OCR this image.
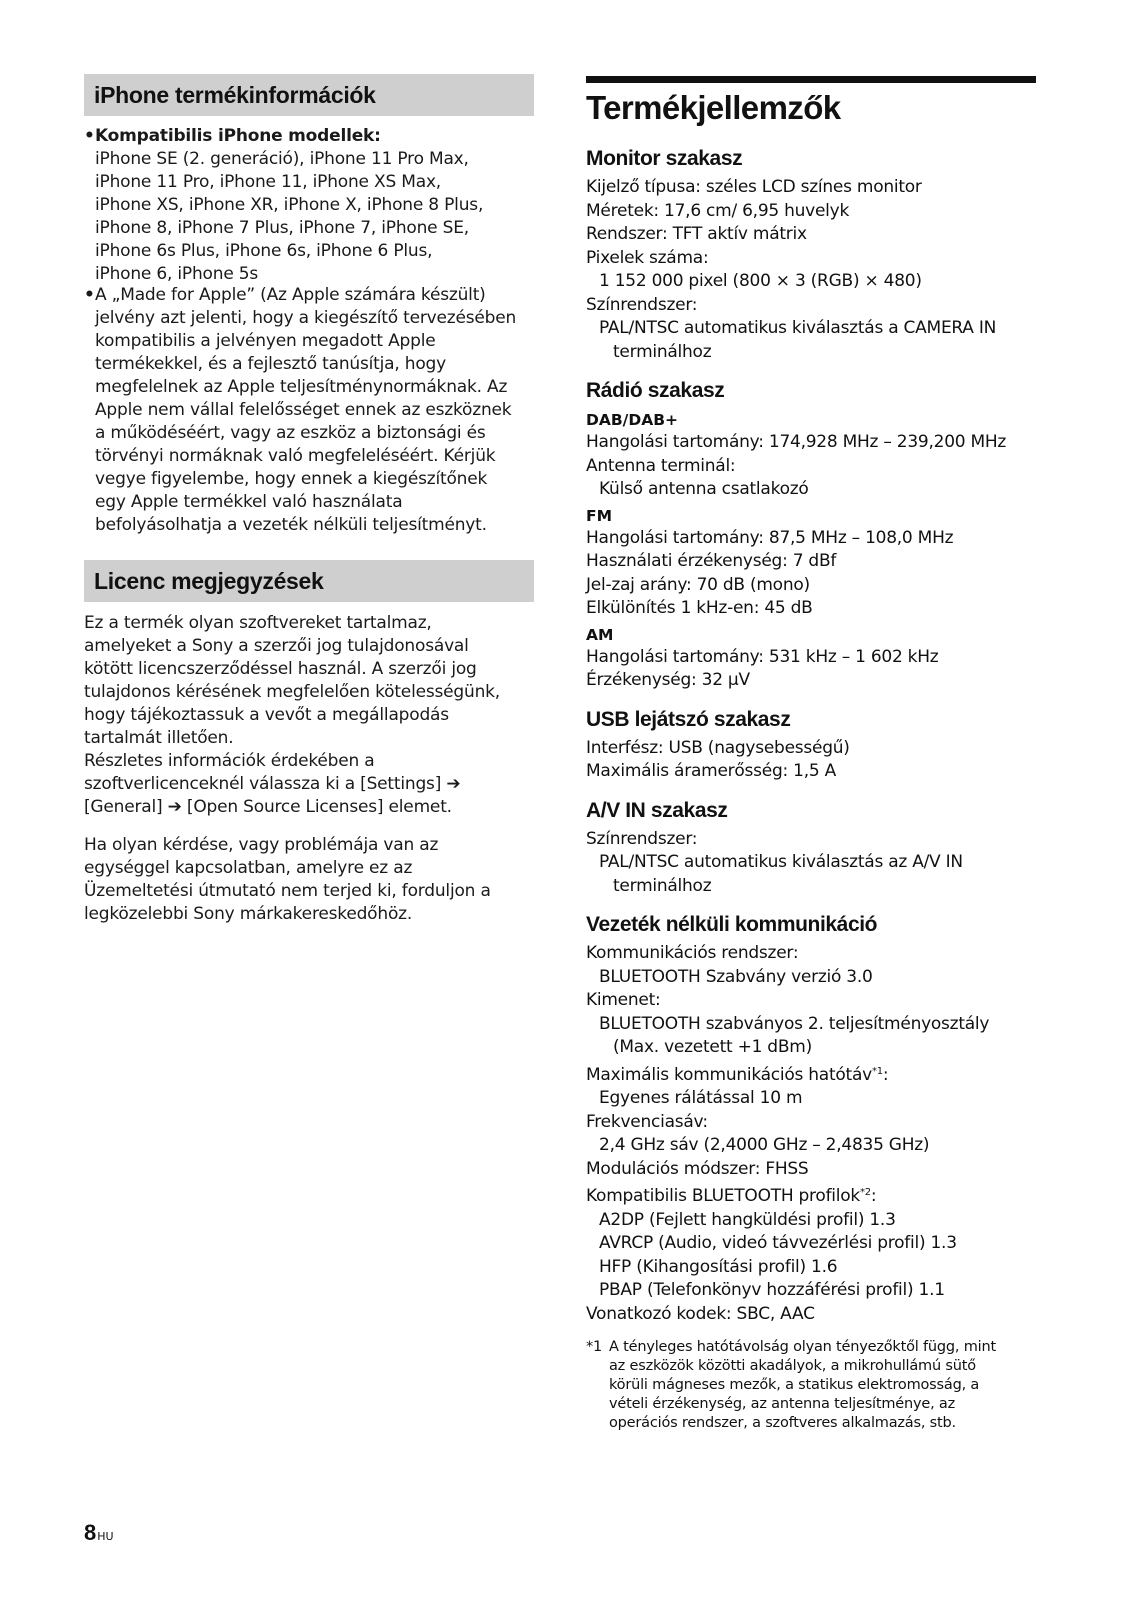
iPhone termékinformációk
• Kompatibilis iPhone modellek:
iPhone SE (2. generáció), iPhone 11 Pro Max,
iPhone 11 Pro, iPhone 11, iPhone XS Max,
iPhone XS, iPhone XR, iPhone X, iPhone 8 Plus,
iPhone 8, iPhone 7 Plus, iPhone 7, iPhone SE,
iPhone 6s Plus, iPhone 6s, iPhone 6 Plus,
iPhone 6, iPhone 5s
• A „Made for Apple” (Az Apple számára készült)
jelvény azt jelenti, hogy a kiegészítő tervezésében
kompatibilis a jelvényen megadott Apple
termékekkel, és a fejlesztő tanúsítja, hogy
megfelelnek az Apple teljesítménynormáknak. Az
Apple nem vállal felelősséget ennek az eszköznek
a működéséért, vagy az eszköz a biztonsági és
törvényi normáknak való megfeleléséért. Kérjük
vegye figyelembe, hogy ennek a kiegészítőnek
egy Apple termékkel való használata
befolyásolhatja a vezeték nélküli teljesítményt.
Licenc megjegyzések
Ez a termék olyan szoftvereket tartalmaz,
amelyeket a Sony a szerzői jog tulajdonosával
kötött licencszerződéssel használ. A szerzői jog
tulajdonos kérésének megfelelően kötelességünk,
hogy tájékoztassuk a vevőt a megállapodás
tartalmát illetően.
Részletes információk érdekében a
szoftverlicenceknél válassza ki a [Settings] ➔
[General] ➔ [Open Source Licenses] elemet.
Ha olyan kérdése, vagy problémája van az
egységgel kapcsolatban, amelyre ez az
Üzemeltetési útmutató nem terjed ki, forduljon a
legközelebbi Sony márkakereskedőhöz.
Termékjellemzők
Monitor szakasz
Kijelző típusa: széles LCD színes monitor
Méretek: 17,6 cm/ 6,95 huvelyk
Rendszer: TFT aktív mátrix
Pixelek száma:
1 152 000 pixel (800 × 3 (RGB) × 480)
Színrendszer:
PAL/NTSC automatikus kiválasztás a CAMERA IN
terminálhoz
Rádió szakasz
DAB/DAB+
Hangolási tartomány: 174,928 MHz – 239,200 MHz
Antenna terminál:
Külső antenna csatlakozó
FM
Hangolási tartomány: 87,5 MHz – 108,0 MHz
Használati érzékenység: 7 dBf
Jel-zaj arány: 70 dB (mono)
Elkülönítés 1 kHz-en: 45 dB
AM
Hangolási tartomány: 531 kHz – 1 602 kHz
Érzékenység: 32 µV
USB lejátszó szakasz
Interfész: USB (nagysebességű)
Maximális áramerősség: 1,5 A
A/V IN szakasz
Színrendszer:
PAL/NTSC automatikus kiválasztás az A/V IN
terminálhoz
Vezeték nélküli kommunikáció
Kommunikációs rendszer:
BLUETOOTH Szabvány verzió 3.0
Kimenet:
BLUETOOTH szabványos 2. teljesítményosztály
(Max. vezetett +1 dBm)
Maximális kommunikációs hatótáv$^{*1}$:
Egyenes rálátással 10 m
Frekvenciasáv:
2,4 GHz sáv (2,4000 GHz – 2,4835 GHz)
Modulációs módszer: FHSS
Kompatibilis BLUETOOTH profilok$^{*2}$:
A2DP (Fejlett hangküldési profil) 1.3
AVRCP (Audio, videó távvezérlési profil) 1.3
HFP (Kihangosítási profil) 1.6
PBAP (Telefonkönyv hozzáférési profil) 1.1
Vonatkozó kodek: SBC, AAC
*1 A tényleges hatótávolság olyan tényezőktől függ, mint
az eszközök közötti akadályok, a mikrohullámú sütő
körüli mágneses mezők, a statikus elektromosság, a
vételi érzékenység, az antenna teljesítménye, az
operációs rendszer, a szoftveres alkalmazás, stb.
8HU
